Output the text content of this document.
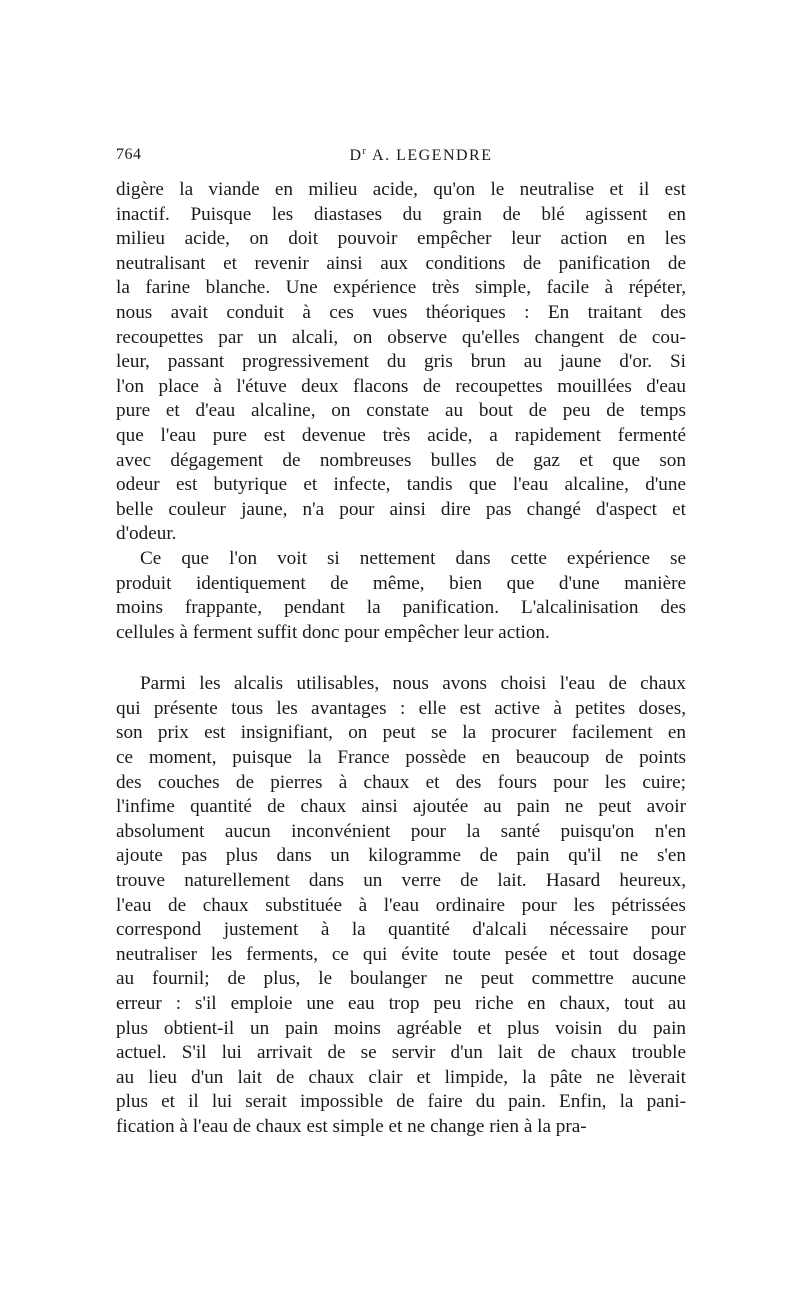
764	$D^r$ A. LEGENDRE
digère la viande en milieu acide, qu'on le neutralise et il est
inactif. Puisque les diastases du grain de blé agissent en
milieu acide, on doit pouvoir empêcher leur action en les
neutralisant et revenir ainsi aux conditions de panification de
la farine blanche. Une expérience très simple, facile à répéter,
nous avait conduit à ces vues théoriques : En traitant des
recoupettes par un alcali, on observe qu'elles changent de cou-
leur, passant progressivement du gris brun au jaune d'or. Si
l'on place à l'étuve deux flacons de recoupettes mouillées d'eau
pure et d'eau alcaline, on constate au bout de peu de temps
que l'eau pure est devenue très acide, a rapidement fermenté
avec dégagement de nombreuses bulles de gaz et que son
odeur est butyrique et infecte, tandis que l'eau alcaline, d'une
belle couleur jaune, n'a pour ainsi dire pas changé d'aspect et
d'odeur.
Ce que l'on voit si nettement dans cette expérience se
produit identiquement de même, bien que d'une manière
moins frappante, pendant la panification. L'alcalinisation des
cellules à ferment suffit donc pour empêcher leur action.
Parmi les alcalis utilisables, nous avons choisi l'eau de chaux
qui présente tous les avantages : elle est active à petites doses,
son prix est insignifiant, on peut se la procurer facilement en
ce moment, puisque la France possède en beaucoup de points
des couches de pierres à chaux et des fours pour les cuire;
l'infime quantité de chaux ainsi ajoutée au pain ne peut avoir
absolument aucun inconvénient pour la santé puisqu'on n'en
ajoute pas plus dans un kilogramme de pain qu'il ne s'en
trouve naturellement dans un verre de lait. Hasard heureux,
l'eau de chaux substituée à l'eau ordinaire pour les pétrissées
correspond justement à la quantité d'alcali nécessaire pour
neutraliser les ferments, ce qui évite toute pesée et tout dosage
au fournil; de plus, le boulanger ne peut commettre aucune
erreur : s'il emploie une eau trop peu riche en chaux, tout au
plus obtient-il un pain moins agréable et plus voisin du pain
actuel. S'il lui arrivait de se servir d'un lait de chaux trouble
au lieu d'un lait de chaux clair et limpide, la pâte ne lèverait
plus et il lui serait impossible de faire du pain. Enfin, la pani-
fication à l'eau de chaux est simple et ne change rien à la pra-
